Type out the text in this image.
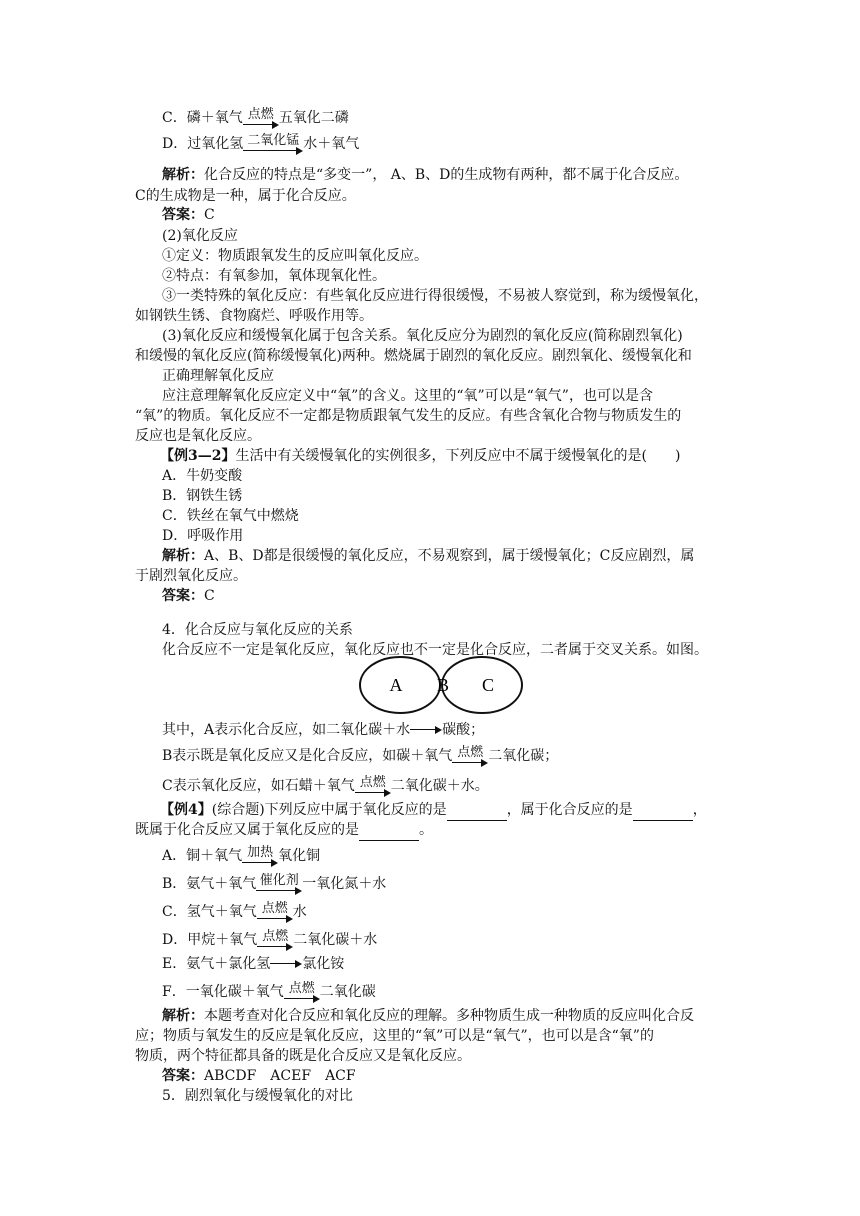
C．磷＋氧气 点燃 五氧化二磷
D．过氧化氢 二氧化锰 水＋氧气
解析：化合反应的特点是“多变一”， A、B、D的生成物有两种，都不属于化合反应。
C的生成物是一种，属于化合反应。
答案：C
(2)氧化反应
①定义：物质跟氧发生的反应叫氧化反应。
②特点：有氧参加，氧体现氧化性。
③一类特殊的氧化反应：有些氧化反应进行得很缓慢，不易被人察觉到，称为缓慢氧化，
如钢铁生锈、食物腐烂、呼吸作用等。
(3)氧化反应和缓慢氧化属于包含关系。氧化反应分为剧烈的氧化反应(简称剧烈氧化)
和缓慢的氧化反应(简称缓慢氧化)两种。燃烧属于剧烈的氧化反应。剧烈氧化、缓慢氧化和
正确理解氧化反应
应注意理解氧化反应定义中“氧”的含义。这里的“氧”可以是“氧气”，也可以是含
“氧”的物质。氧化反应不一定都是物质跟氧气发生的反应。有些含氧化合物与物质发生的
反应也是氧化反应。
【例3—2】生活中有关缓慢氧化的实例很多，下列反应中不属于缓慢氧化的是(　　)
A．牛奶变酸
B．钢铁生锈
C．铁丝在氧气中燃烧
D．呼吸作用
解析：A、B、D都是很缓慢的氧化反应，不易观察到，属于缓慢氧化；C反应剧烈，属
于剧烈氧化反应。
答案：C
4．化合反应与氧化反应的关系
化合反应不一定是氧化反应，氧化反应也不一定是化合反应，二者属于交叉关系。如图。
A B C
其中，A表示化合反应，如二氧化碳＋水 碳酸；
B表示既是氧化反应又是化合反应，如碳＋氧气 点燃 二氧化碳；
C表示氧化反应，如石蜡＋氧气 点燃 二氧化碳＋水。
【例4】(综合题)下列反应中属于氧化反应的是	，属于化合反应的是	，
既属于化合反应又属于氧化反应的是	。
A．铜＋氧气 加热 氧化铜
B．氨气＋氧气 催化剂 一氧化氮＋水
C．氢气＋氧气 点燃 水
D．甲烷＋氧气 点燃 二氧化碳＋水
E．氨气＋氯化氢 氯化铵
F．一氧化碳＋氧气 点燃 二氧化碳
解析：本题考查对化合反应和氧化反应的理解。多种物质生成一种物质的反应叫化合反
应；物质与氧发生的反应是氧化反应，这里的“氧”可以是“氧气”，也可以是含“氧”的
物质，两个特征都具备的既是化合反应又是氧化反应。
答案：ABCDF　ACEF　ACF
5．剧烈氧化与缓慢氧化的对比
